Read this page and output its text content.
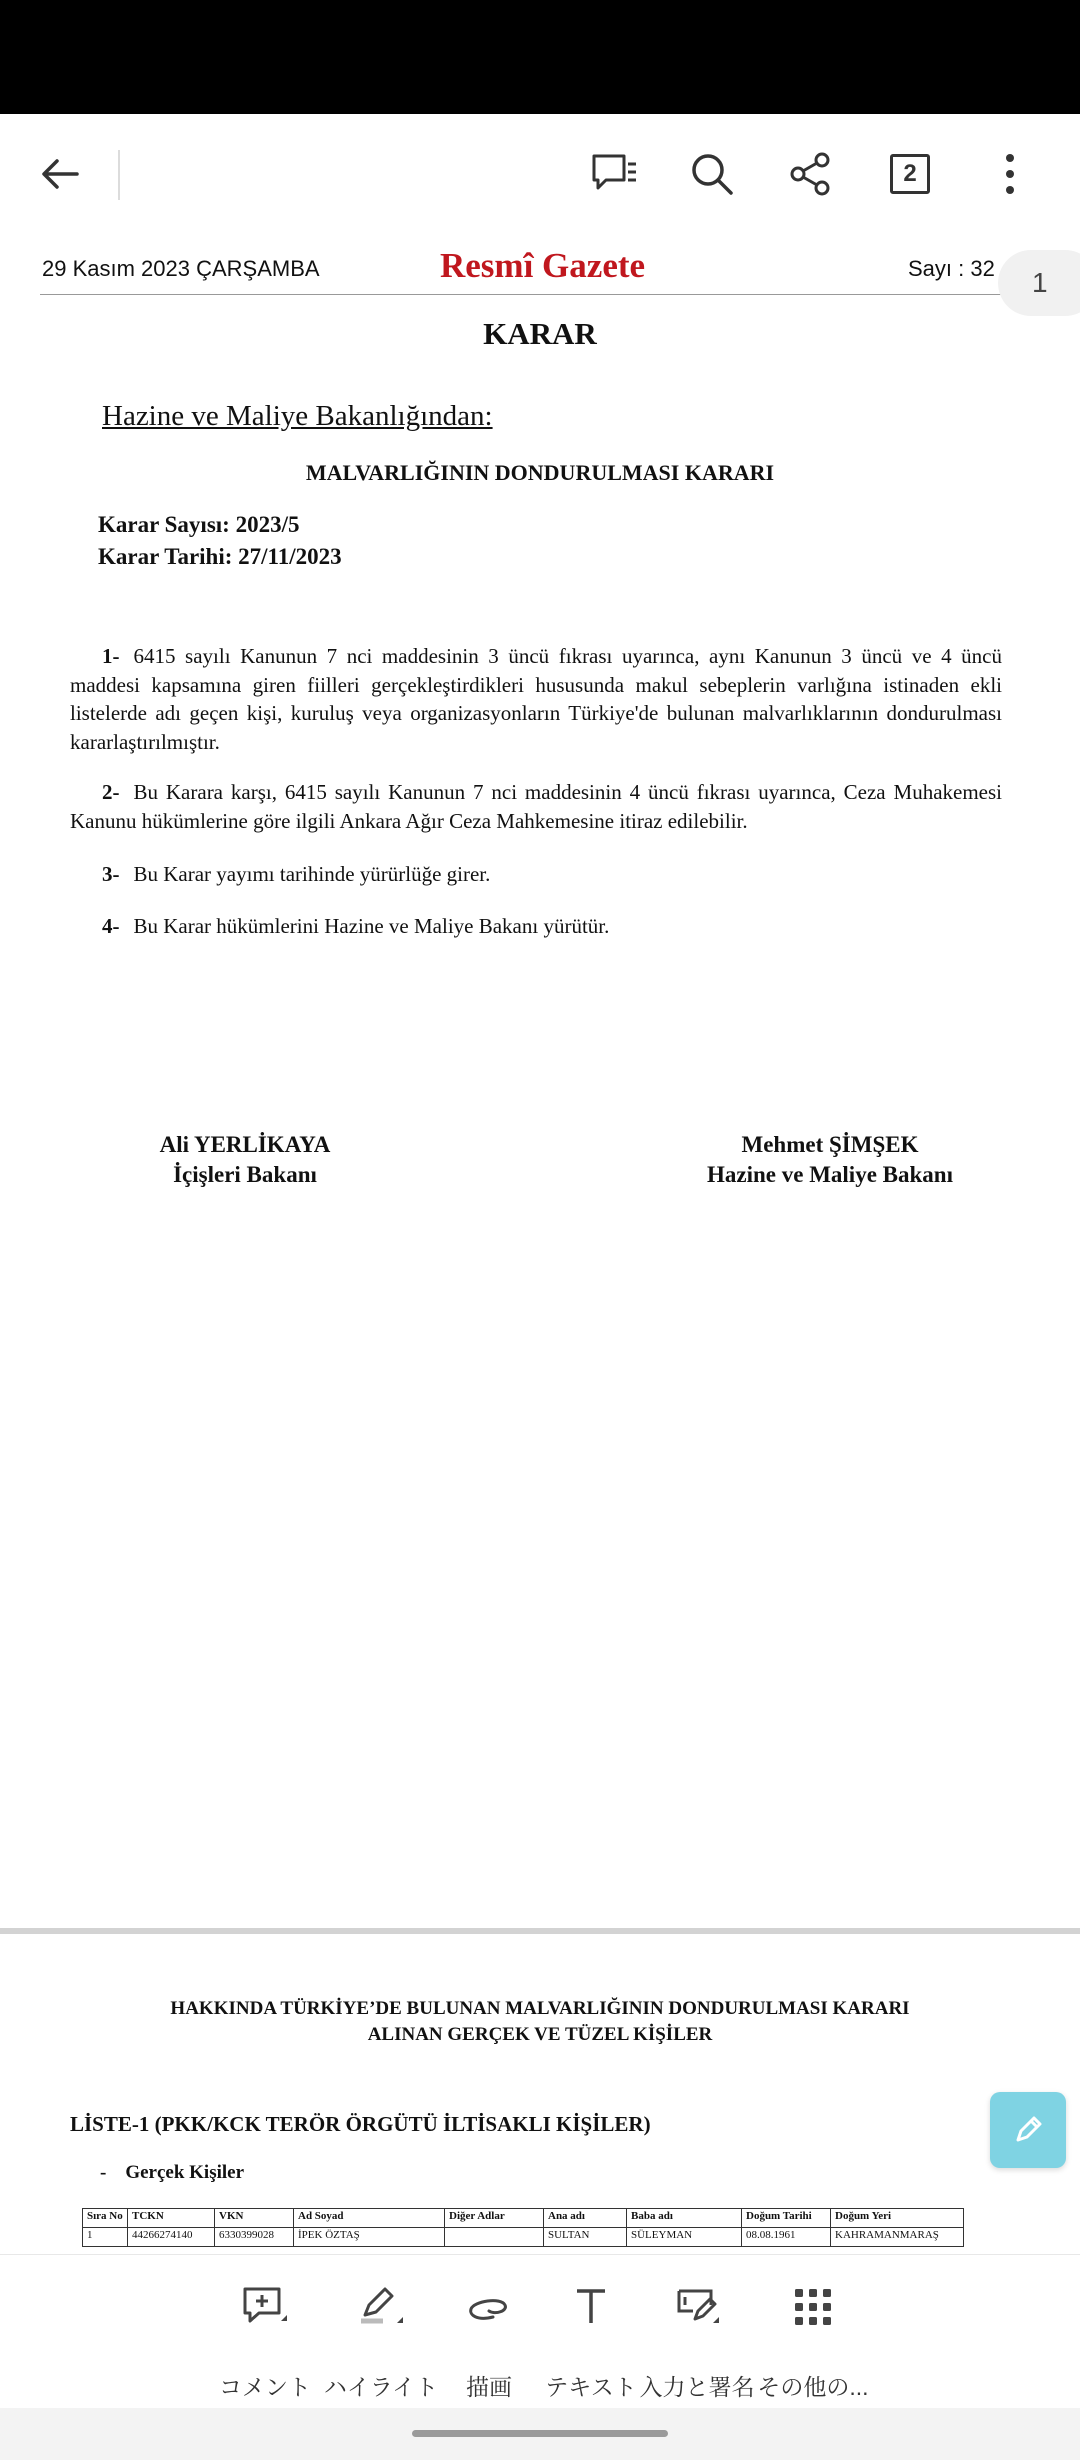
2
29 Kasım 2023 ÇARŞAMBA	Resmî Gazete	Sayı : 32
KARAR
Hazine ve Maliye Bakanlığından:
MALVARLIĞININ DONDURULMASI KARARI
Karar Sayısı: 2023/5
Karar Tarihi: 27/11/2023
1- 6415 sayılı Kanunun 7 nci maddesinin 3 üncü fıkrası uyarınca, aynı Kanunun 3 üncü ve 4 üncü maddesi kapsamına giren fiilleri gerçekleştirdikleri hususunda makul sebeplerin varlığına istinaden ekli listelerde adı geçen kişi, kuruluş veya organizasyonların Türkiye'de bulunan malvarlıklarının dondurulması kararlaştırılmıştır.
2- Bu Karara karşı, 6415 sayılı Kanunun 7 nci maddesinin 4 üncü fıkrası uyarınca, Ceza Muhakemesi Kanunu hükümlerine göre ilgili Ankara Ağır Ceza Mahkemesine itiraz edilebilir.
3- Bu Karar yayımı tarihinde yürürlüğe girer.
4- Bu Karar hükümlerini Hazine ve Maliye Bakanı yürütür.
Ali YERLİKAYA
İçişleri Bakanı
Mehmet ŞİMŞEK
Hazine ve Maliye Bakanı
1
HAKKINDA TÜRKİYE’DE BULUNAN MALVARLIĞININ DONDURULMASI KARARI
ALINAN GERÇEK VE TÜZEL KİŞİLER
LİSTE-1 (PKK/KCK TERÖR ÖRGÜTÜ İLTİSAKLI KİŞİLER)
-    Gerçek Kişiler
Sıra No	TCKN	VKN	Ad Soyad	Diğer Adlar	Ana adı	Baba adı	Doğum Tarihi	Doğum Yeri
1	44266274140	6330399028	İPEK ÖZTAŞ		SULTAN	SÜLEYMAN	08.08.1961	KAHRAMANMARAŞ
コメント ハイライト	描画	テキスト 入力と署名 その他の...
